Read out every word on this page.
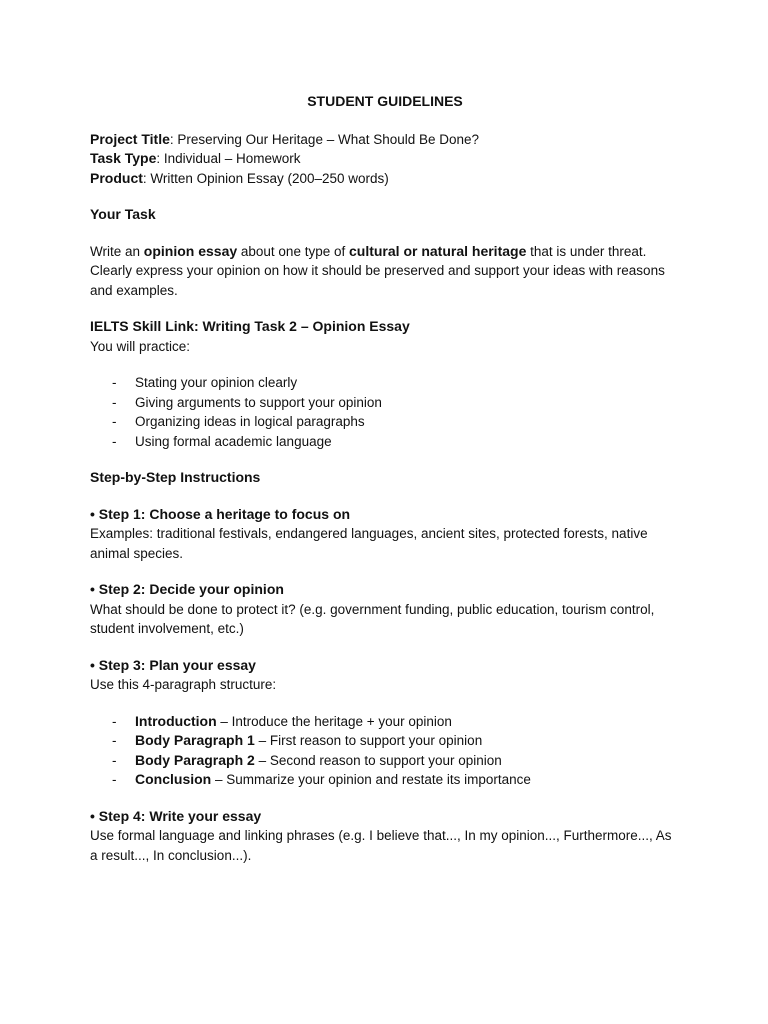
STUDENT GUIDELINES

Project Title: Preserving Our Heritage – What Should Be Done?

Task Type: Individual – Homework

Product: Written Opinion Essay (200–250 words)

Your Task

Write an opinion essay about one type of cultural or natural heritage that is under threat. Clearly express your opinion on how it should be preserved and support your ideas with reasons and examples.

IELTS Skill Link: Writing Task 2 – Opinion Essay

You will practice:

- Stating your opinion clearly
- Giving arguments to support your opinion
- Organizing ideas in logical paragraphs
- Using formal academic language
Step-by-Step Instructions
• Step 1: Choose a heritage to focus on

Examples: traditional festivals, endangered languages, ancient sites, protected forests, native animal species.

• Step 2: Decide your opinion

What should be done to protect it? (e.g. government funding, public education, tourism control, student involvement, etc.)

• Step 3: Plan your essay

Use this 4-paragraph structure:

- Introduction – Introduce the heritage + your opinion
- Body Paragraph 1 – First reason to support your opinion
- Body Paragraph 2 – Second reason to support your opinion
- Conclusion – Summarize your opinion and restate its importance
• Step 4: Write your essay

Use formal language and linking phrases (e.g. I believe that..., In my opinion..., Furthermore..., As a result..., In conclusion...).
